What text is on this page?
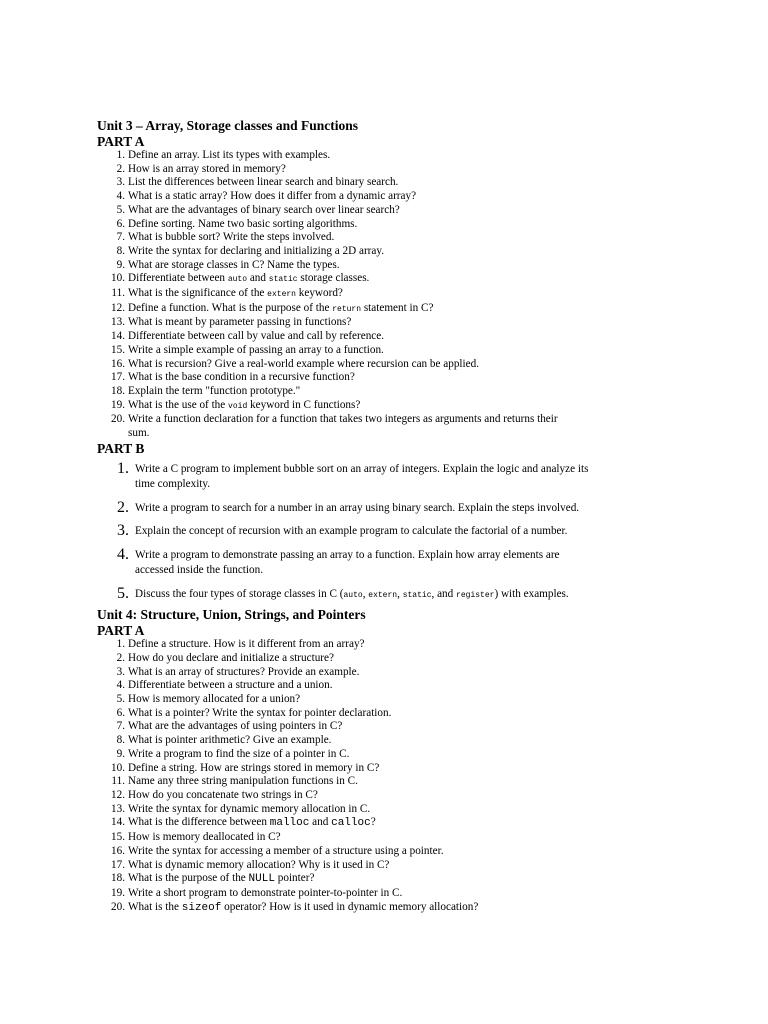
Unit 3 – Array, Storage classes and Functions
PART A
1. Define an array. List its types with examples.
2. How is an array stored in memory?
3. List the differences between linear search and binary search.
4. What is a static array? How does it differ from a dynamic array?
5. What are the advantages of binary search over linear search?
6. Define sorting. Name two basic sorting algorithms.
7. What is bubble sort? Write the steps involved.
8. Write the syntax for declaring and initializing a 2D array.
9. What are storage classes in C? Name the types.
10. Differentiate between auto and static storage classes.
11. What is the significance of the extern keyword?
12. Define a function. What is the purpose of the return statement in C?
13. What is meant by parameter passing in functions?
14. Differentiate between call by value and call by reference.
15. Write a simple example of passing an array to a function.
16. What is recursion? Give a real-world example where recursion can be applied.
17. What is the base condition in a recursive function?
18. Explain the term "function prototype."
19. What is the use of the void keyword in C functions?
20. Write a function declaration for a function that takes two integers as arguments and returns their sum.
PART B
1. Write a C program to implement bubble sort on an array of integers. Explain the logic and analyze its time complexity.
2. Write a program to search for a number in an array using binary search. Explain the steps involved.
3. Explain the concept of recursion with an example program to calculate the factorial of a number.
4. Write a program to demonstrate passing an array to a function. Explain how array elements are accessed inside the function.
5. Discuss the four types of storage classes in C (auto, extern, static, and register) with examples.
Unit 4: Structure, Union, Strings, and Pointers
PART A
1. Define a structure. How is it different from an array?
2. How do you declare and initialize a structure?
3. What is an array of structures? Provide an example.
4. Differentiate between a structure and a union.
5. How is memory allocated for a union?
6. What is a pointer? Write the syntax for pointer declaration.
7. What are the advantages of using pointers in C?
8. What is pointer arithmetic? Give an example.
9. Write a program to find the size of a pointer in C.
10. Define a string. How are strings stored in memory in C?
11. Name any three string manipulation functions in C.
12. How do you concatenate two strings in C?
13. Write the syntax for dynamic memory allocation in C.
14. What is the difference between malloc and calloc?
15. How is memory deallocated in C?
16. Write the syntax for accessing a member of a structure using a pointer.
17. What is dynamic memory allocation? Why is it used in C?
18. What is the purpose of the NULL pointer?
19. Write a short program to demonstrate pointer-to-pointer in C.
20. What is the sizeof operator? How is it used in dynamic memory allocation?
